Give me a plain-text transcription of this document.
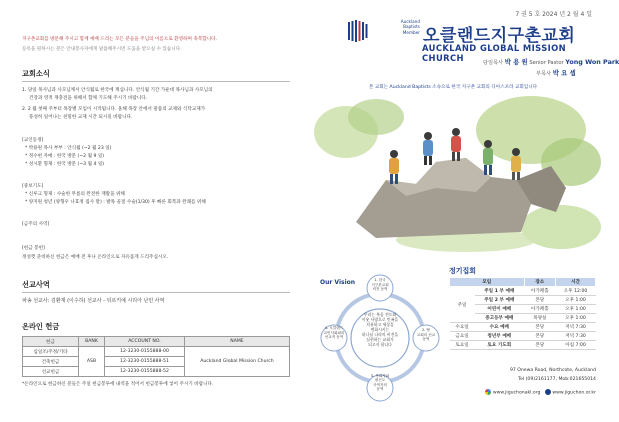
지구촌교회를 방문해 주시고 함께 예배 드리는 모든 분들을 주님의 이름으로 환영하며 축복합니다.
등록을 원하시는 분은 안내봉사자에게 말씀해주시면 도움을 받으실 수 있습니다.
교회소식
1. 당일 목사님과 사모님께서 안식월로 한국에 계십니다. 안식월 기간 가운데 목사님과 사모님의
건강과 영적 재충전을 위해서 함께 기도해 주시기 바랍니다.
2. 2 월 첫째 주부터 목장별 모임이 시작됩니다. 올해 목장 안에서 말씀의 교제와 식탁교제가
풍성히 일어나는 친밀한 교제 시간 되시길 바랍니다.
[교인동정]
* 박용원 목사 부부 : 안식월 (~2 월 23 일)
* 정수현 자매 : 한국 방문 (~2 월 9 일)
* 성시환 형제 : 한국 방문 (~3 월 4 일)
[중보기도]
* 신루크 형제 : 수술한 무릎의 완전한 재활을 위해
* 양지원 청년 (양형우 나효정 집사 딸) : 발목 골절 수술(1/30) 후 빠른 회복과 완쾌를 위해
[금주의 사역]
[헌금 봉헌]
정성껏 준비하신 헌금은 예배 전 후나 온라인으로 자유롭게 드리주십시오.
선교사역
파송 선교사: 김환재 (이수하) 선교사 - 뒤르키예 시리아 난민 사역
온라인 헌금
헌금	BANK	ACCOUNT NO.	NAME
십일조/주정/기타	ASB	12-3230-0155888-00	Auckland Global Mission Church
건축헌금		12-3230-0155888-51	
선교헌금		12-3230-0155888-52	
*온라인으로 헌금하신 분들은 주일 헌금봉투에 내역을 적어서 헌금봉투에 넣어 주시기 바랍니다.
7 권 5 호 2024 년 2 월 4 일
Auckland
Baptists
Member 오클랜드지구촌교회
AUCKLAND GLOBAL MISSION CHURCH	담임목사 박 용 원 Senior Pastor Yong Won Park
부목사 박 요 셉
본 교회는 Auckland Baptists 소속으로 한국 지구촌 교회의 디아스포라 교회입니다
Our Vision
우리는 복음 전도와
이웃 사랑으로 민족을
치유하고 세상을
변화시키는
하나님 나라의 비전을
실현하는 교회가
되고자 합니다
1. 한국
지구촌교회
비전 동역
2. 땅
교회의 선교
동역
3. 목회자와
평신도
사역자의
동역
4. 오클랜드
교민사회와의
선교적 동역
정기집회
모임		장소	시간
주일	주일 1 부 예배	아가페홀	오후 12:00
	주일 2 부 예배	본당	오후 1:00
	어린이 예배	아가페홀	오후 1:00
	중고등부 예배	목양실	오후 1:00
수요일	수요 예배	본당	저녁 7:30
금요일	청년부 예배	본당	저녁 7:30
토요일	토요 기도회	본당	아침 7:00
97 Onewa Road, Northcote, Auckland
Tel (09)2161177, Mob:021655014
www.jiguchonakl.org	www.jiguchon.or.kr
